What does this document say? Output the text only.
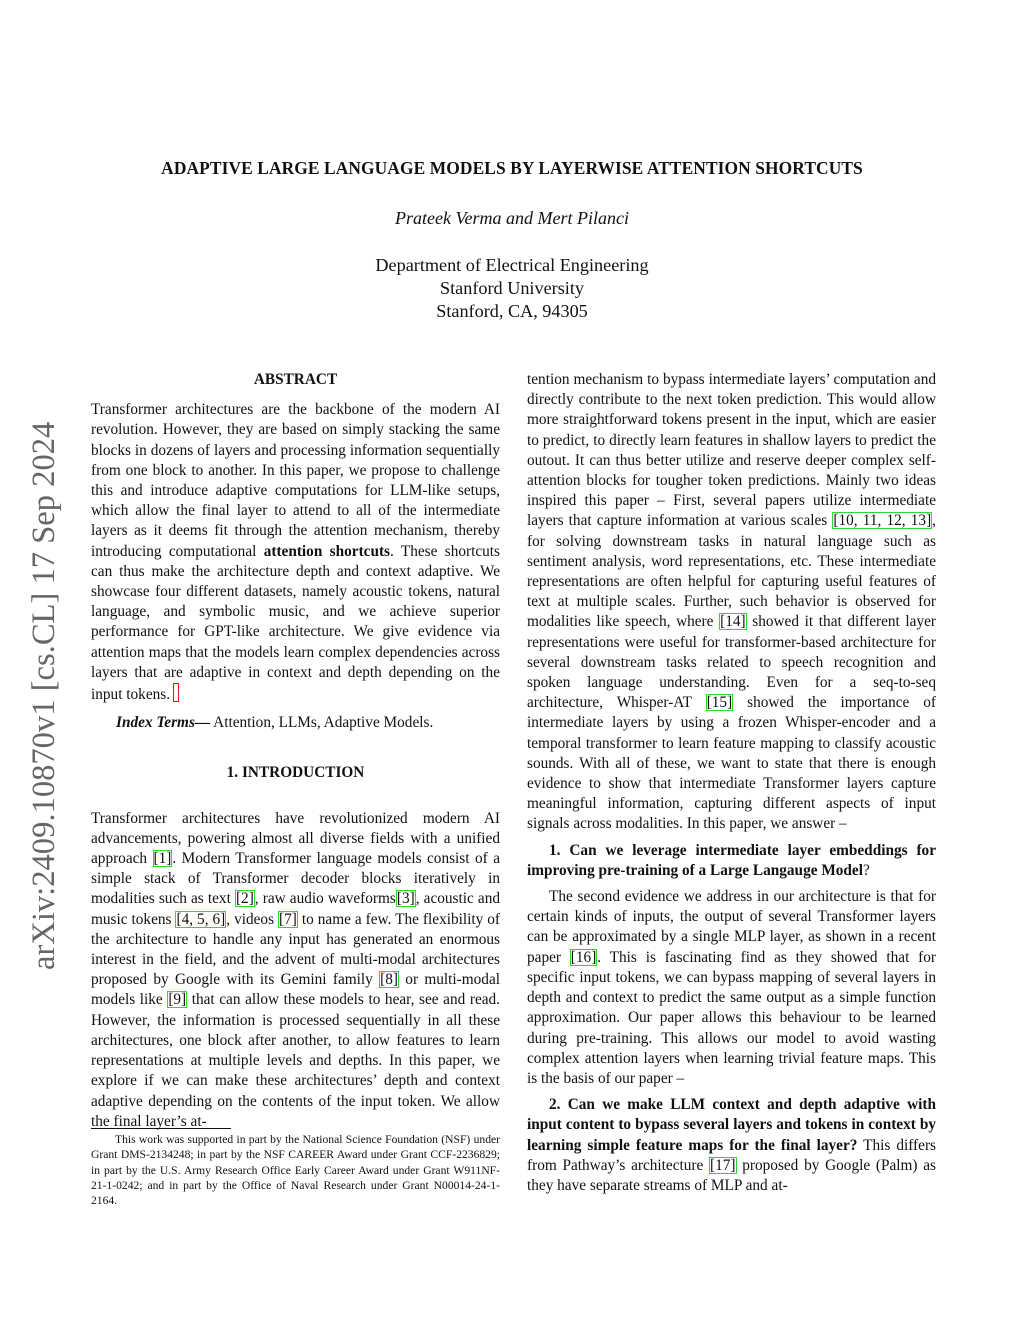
ADAPTIVE LARGE LANGUAGE MODELS BY LAYERWISE ATTENTION SHORTCUTS
Prateek Verma and Mert Pilanci
Department of Electrical Engineering
Stanford University
Stanford, CA, 94305
arXiv:2409.10870v1 [cs.CL] 17 Sep 2024
ABSTRACT

Transformer architectures are the backbone of the modern AI revolution. However, they are based on simply stacking the same blocks in dozens of layers and processing information sequentially from one block to another. In this paper, we propose to challenge this and introduce adaptive computations for LLM-like setups, which allow the final layer to attend to all of the intermediate layers as it deems fit through the attention mechanism, thereby introducing computational attention shortcuts. These shortcuts can thus make the architecture depth and context adaptive. We showcase four different datasets, namely acoustic tokens, natural language, and symbolic music, and we achieve superior performance for GPT-like architecture. We give evidence via attention maps that the models learn complex dependencies across layers that are adaptive in context and depth depending on the input tokens.

Index Terms— Attention, LLMs, Adaptive Models.

1. INTRODUCTION

Transformer architectures have revolutionized modern AI advancements, powering almost all diverse fields with a unified approach [1]. Modern Transformer language models consist of a simple stack of Transformer decoder blocks iteratively in modalities such as text [2], raw audio waveforms[3], acoustic and music tokens [4, 5, 6], videos [7] to name a few. The flexibility of the architecture to handle any input has generated an enormous interest in the field, and the advent of multi-modal architectures proposed by Google with its Gemini family [8] or multi-modal models like [9] that can allow these models to hear, see and read. However, the information is processed sequentially in all these architectures, one block after another, to allow features to learn representations at multiple levels and depths. In this paper, we explore if we can make these architectures’ depth and context adaptive depending on the contents of the input token. We allow the final layer’s at-

This work was supported in part by the National Science Foundation (NSF) under Grant DMS-2134248; in part by the NSF CAREER Award under Grant CCF-2236829; in part by the U.S. Army Research Office Early Career Award under Grant W911NF-21-1-0242; and in part by the Office of Naval Research under Grant N00014-24-1-2164.

tention mechanism to bypass intermediate layers’ computation and directly contribute to the next token prediction. This would allow more straightforward tokens present in the input, which are easier to predict, to directly learn features in shallow layers to predict the outout. It can thus better utilize and reserve deeper complex self-attention blocks for tougher token predictions. Mainly two ideas inspired this paper – First, several papers utilize intermediate layers that capture information at various scales [10, 11, 12, 13], for solving downstream tasks in natural language such as sentiment analysis, word representations, etc. These intermediate representations are often helpful for capturing useful features of text at multiple scales. Further, such behavior is observed for modalities like speech, where [14] showed it that different layer representations were useful for transformer-based architecture for several downstream tasks related to speech recognition and spoken language understanding. Even for a seq-to-seq architecture, Whisper-AT [15] showed the importance of intermediate layers by using a frozen Whisper-encoder and a temporal transformer to learn feature mapping to classify acoustic sounds. With all of these, we want to state that there is enough evidence to show that intermediate Transformer layers capture meaningful information, capturing different aspects of input signals across modalities. In this paper, we answer –

1. Can we leverage intermediate layer embeddings for improving pre-training of a Large Langauge Model?

The second evidence we address in our architecture is that for certain kinds of inputs, the output of several Transformer layers can be approximated by a single MLP layer, as shown in a recent paper [16]. This is fascinating find as they showed that for specific input tokens, we can bypass mapping of several layers in depth and context to predict the same output as a simple function approximation. Our paper allows this behaviour to be learned during pre-training. This allows our model to avoid wasting complex attention layers when learning trivial feature maps. This is the basis of our paper –

2. Can we make LLM context and depth adaptive with input content to bypass several layers and tokens in context by learning simple feature maps for the final layer? This differs from Pathway’s architecture [17] proposed by Google (Palm) as they have separate streams of MLP and at-
